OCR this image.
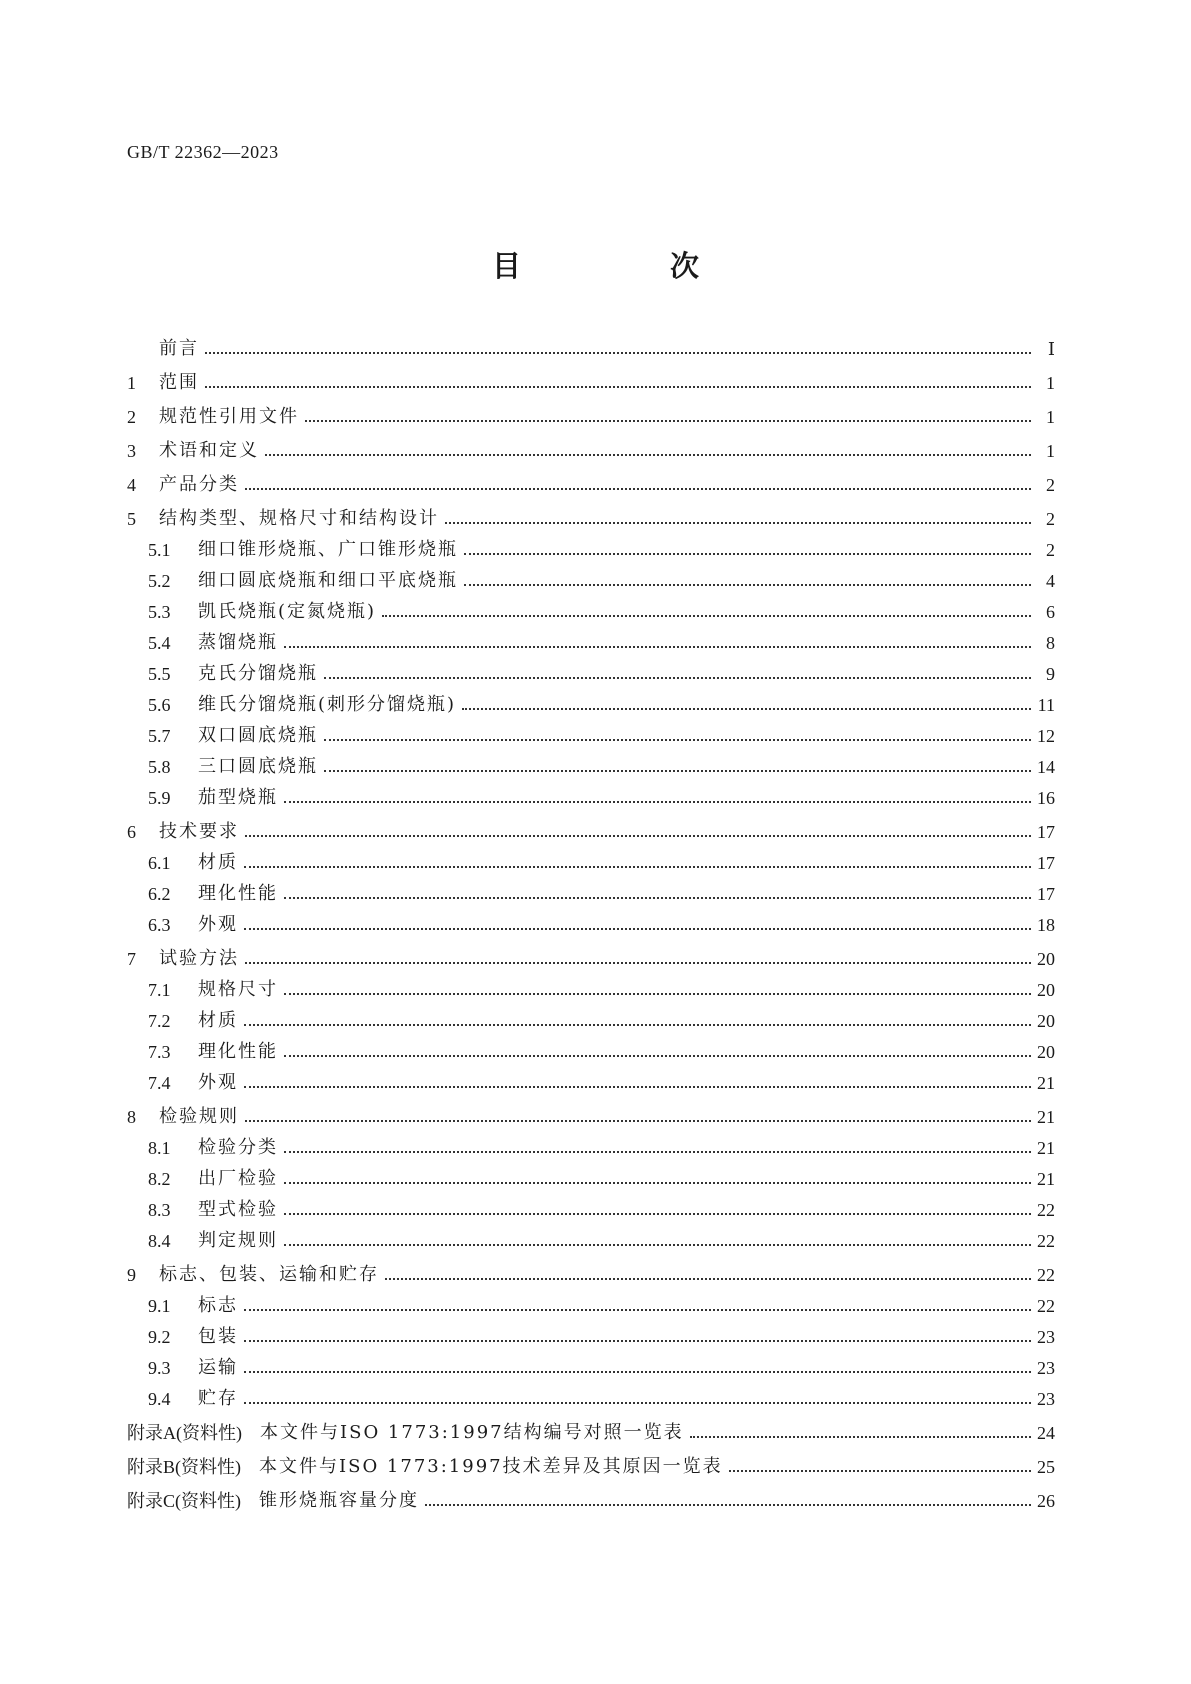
GB/T 22362—2023
目　次
前言	Ⅰ
1	范围	1
2	规范性引用文件	1
3	术语和定义	1
4	产品分类	2
5	结构类型、规格尺寸和结构设计	2
5.1	细口锥形烧瓶、广口锥形烧瓶	2
5.2	细口圆底烧瓶和细口平底烧瓶	4
5.3	凯氏烧瓶(定氮烧瓶)	6
5.4	蒸馏烧瓶	8
5.5	克氏分馏烧瓶	9
5.6	维氏分馏烧瓶(刺形分馏烧瓶)	11
5.7	双口圆底烧瓶	12
5.8	三口圆底烧瓶	14
5.9	茄型烧瓶	16
6	技术要求	17
6.1	材质	17
6.2	理化性能	17
6.3	外观	18
7	试验方法	20
7.1	规格尺寸	20
7.2	材质	20
7.3	理化性能	20
7.4	外观	21
8	检验规则	21
8.1	检验分类	21
8.2	出厂检验	21
8.3	型式检验	22
8.4	判定规则	22
9	标志、包装、运输和贮存	22
9.1	标志	22
9.2	包装	23
9.3	运输	23
9.4	贮存	23
附录A(资料性) 本文件与ISO 1773:1997结构编号对照一览表	24
附录B(资料性) 本文件与ISO 1773:1997技术差异及其原因一览表	25
附录C(资料性) 锥形烧瓶容量分度	26
